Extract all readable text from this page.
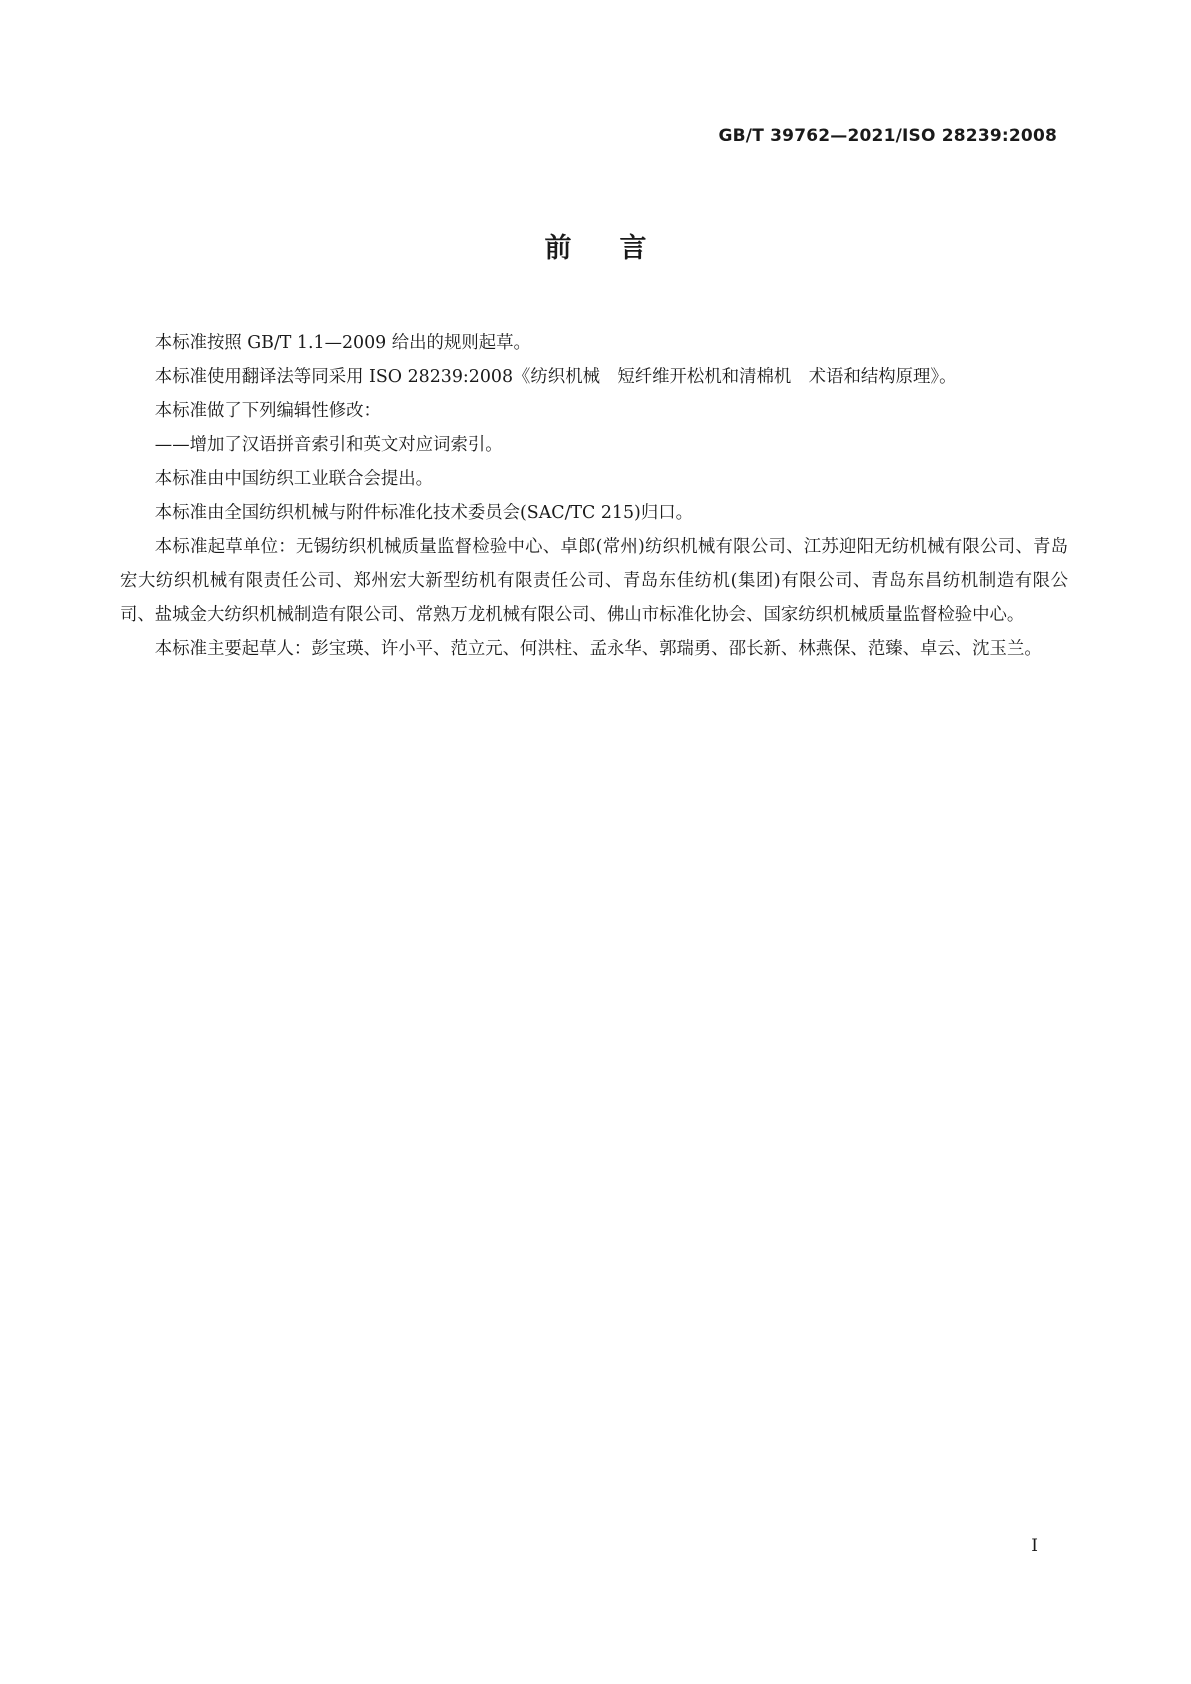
GB/T 39762—2021/ISO 28239:2008
前言

本标准按照 GB/T 1.1—2009 给出的规则起草。

本标准使用翻译法等同采用 ISO 28239:2008《纺织机械　短纤维开松机和清棉机　术语和结构原理》。

本标准做了下列编辑性修改：

——增加了汉语拼音索引和英文对应词索引。

本标准由中国纺织工业联合会提出。

本标准由全国纺织机械与附件标准化技术委员会(SAC/TC 215)归口。

本标准起草单位：无锡纺织机械质量监督检验中心、卓郎(常州)纺织机械有限公司、江苏迎阳无纺机械有限公司、青岛宏大纺织机械有限责任公司、郑州宏大新型纺机有限责任公司、青岛东佳纺机(集团)有限公司、青岛东昌纺机制造有限公司、盐城金大纺织机械制造有限公司、常熟万龙机械有限公司、佛山市标准化协会、国家纺织机械质量监督检验中心。

本标准主要起草人：彭宝瑛、许小平、范立元、何洪柱、孟永华、郭瑞勇、邵长新、林燕保、范臻、卓云、沈玉兰。

I
